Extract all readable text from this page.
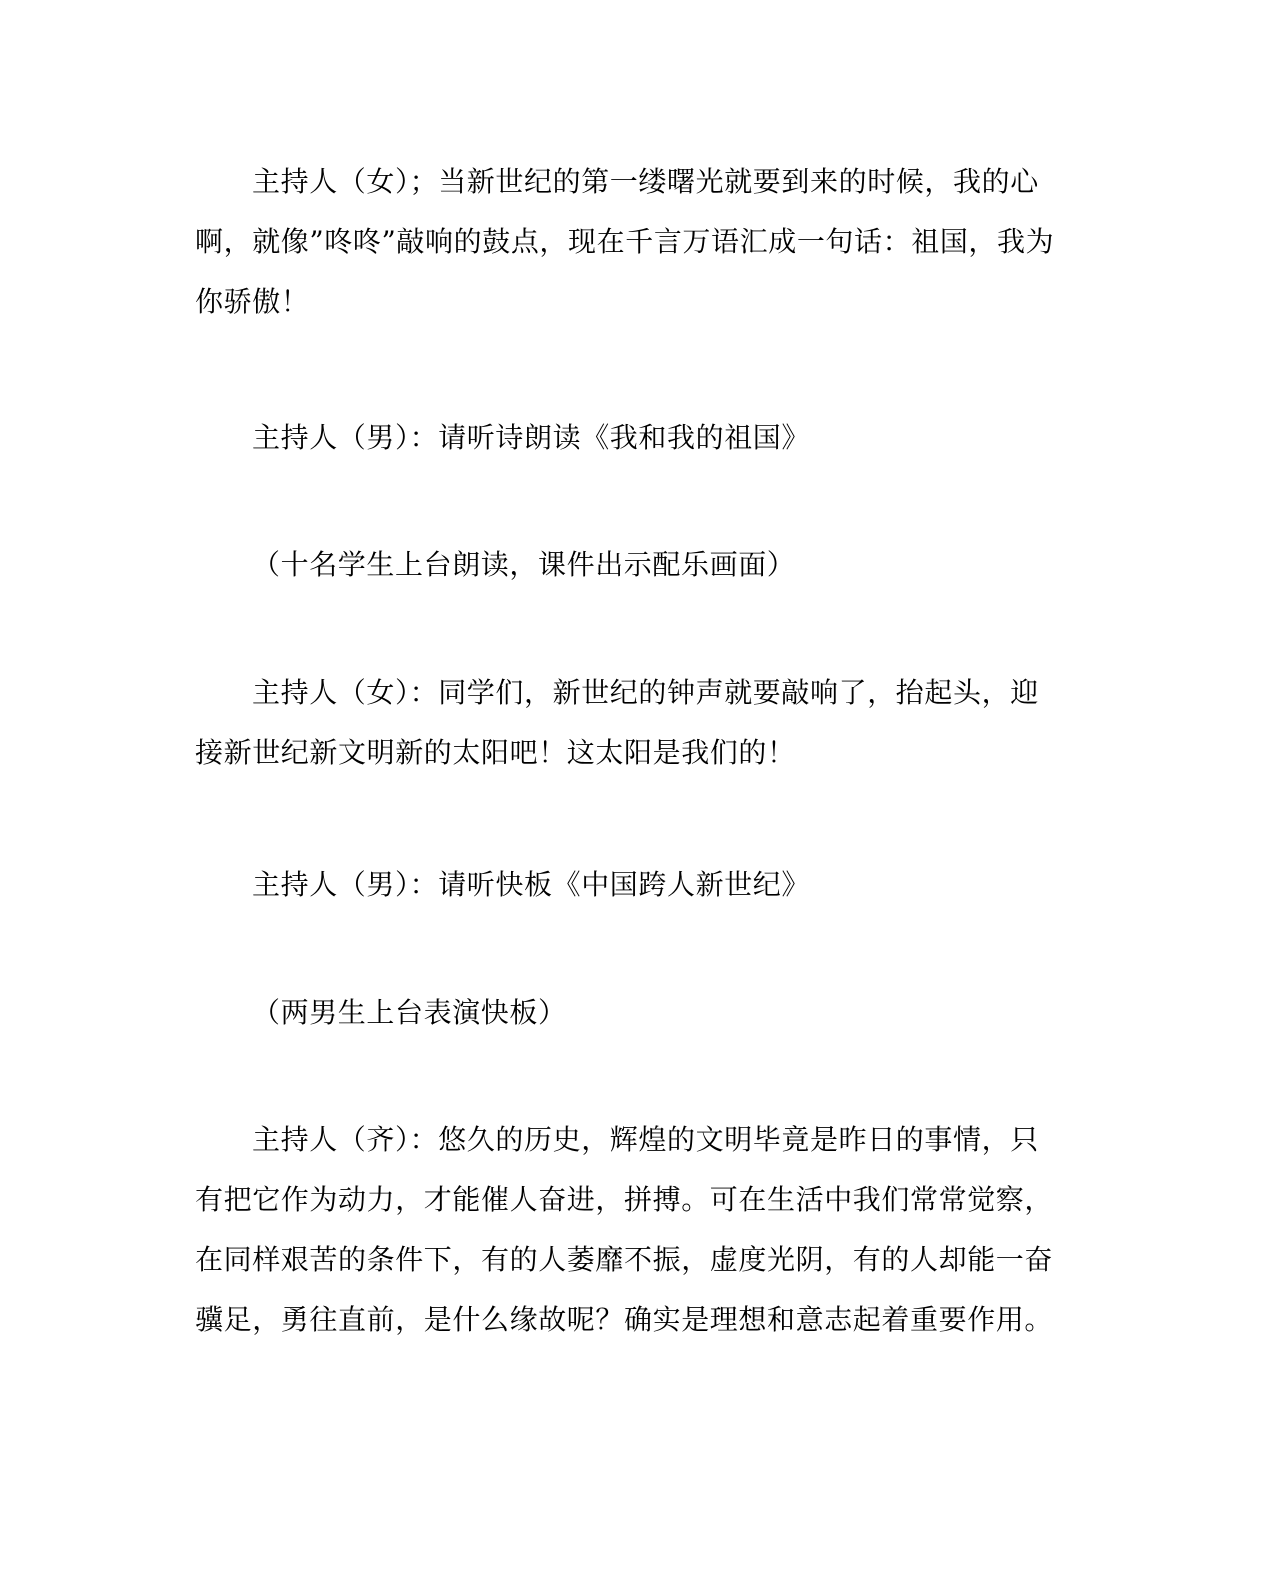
主持人（女）；当新世纪的第一缕曙光就要到来的时候，我的心啊，就像”咚咚”敲响的鼓点，现在千言万语汇成一句话：祖国，我为你骄傲！

主持人（男）：请听诗朗读《我和我的祖国》

（十名学生上台朗读，课件出示配乐画面）

主持人（女）：同学们，新世纪的钟声就要敲响了，抬起头，迎接新世纪新文明新的太阳吧！这太阳是我们的！

主持人（男）：请听快板《中国跨人新世纪》

（两男生上台表演快板）

主持人（齐）：悠久的历史，辉煌的文明毕竟是昨日的事情，只有把它作为动力，才能催人奋进，拼搏。可在生活中我们常常觉察，在同样艰苦的条件下，有的人萎靡不振，虚度光阴，有的人却能一奋骥足，勇往直前，是什么缘故呢？确实是理想和意志起着重要作用。
